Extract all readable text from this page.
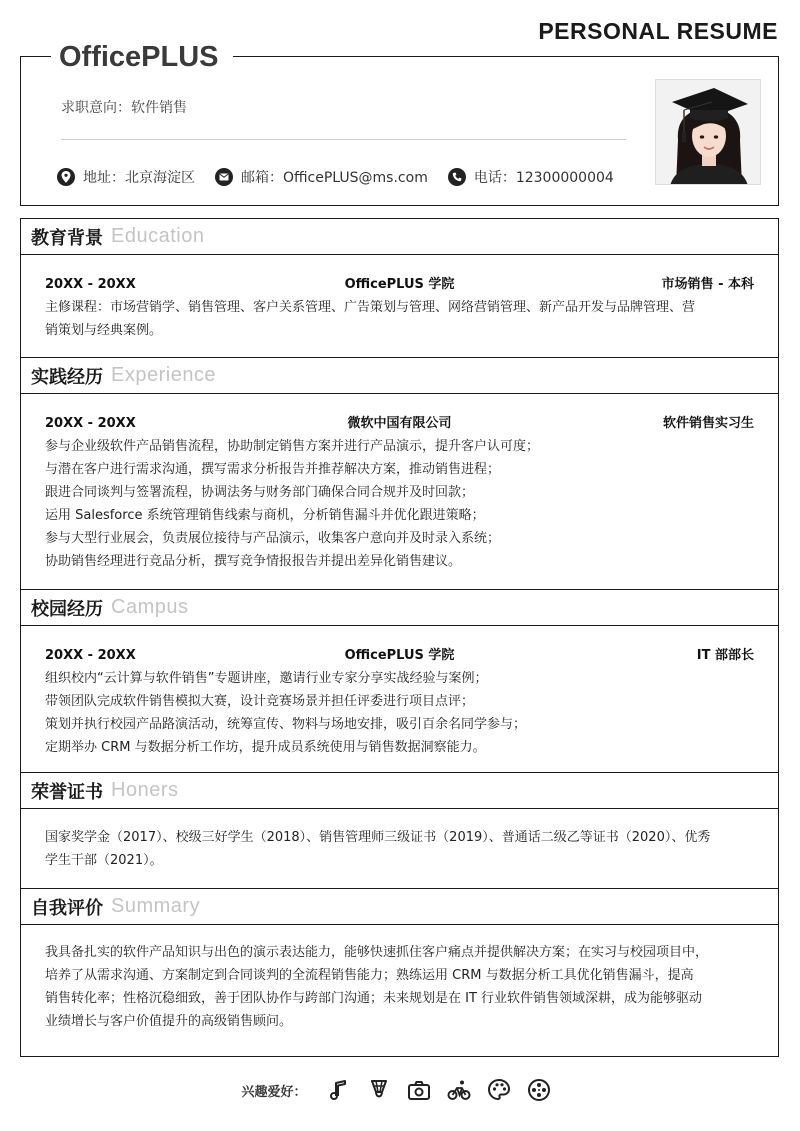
PERSONAL RESUME
OfficePLUS
求职意向：软件销售
地址：北京海淀区	邮箱：OfficePLUS@ms.com	电话：12300000004
教育背景 Education
20XX - 20XX	OfficePLUS 学院	市场销售 - 本科
主修课程：市场营销学、销售管理、客户关系管理、广告策划与管理、网络营销管理、新产品开发与品牌管理、营
销策划与经典案例。
实践经历 Experience
20XX - 20XX	微软中国有限公司	软件销售实习生
参与企业级软件产品销售流程，协助制定销售方案并进行产品演示，提升客户认可度；
与潜在客户进行需求沟通，撰写需求分析报告并推荐解决方案，推动销售进程；
跟进合同谈判与签署流程，协调法务与财务部门确保合同合规并及时回款；
运用 Salesforce 系统管理销售线索与商机，分析销售漏斗并优化跟进策略；
参与大型行业展会，负责展位接待与产品演示，收集客户意向并及时录入系统；
协助销售经理进行竞品分析，撰写竞争情报报告并提出差异化销售建议。
校园经历 Campus
20XX - 20XX	OfficePLUS 学院	IT 部部长
组织校内“云计算与软件销售”专题讲座，邀请行业专家分享实战经验与案例；
带领团队完成软件销售模拟大赛，设计竞赛场景并担任评委进行项目点评；
策划并执行校园产品路演活动，统筹宣传、物料与场地安排，吸引百余名同学参与；
定期举办 CRM 与数据分析工作坊，提升成员系统使用与销售数据洞察能力。
荣誉证书 Honers
国家奖学金（2017）、校级三好学生（2018）、销售管理师三级证书（2019）、普通话二级乙等证书（2020）、优秀
学生干部（2021）。
自我评价 Summary
我具备扎实的软件产品知识与出色的演示表达能力，能够快速抓住客户痛点并提供解决方案；在实习与校园项目中，
培养了从需求沟通、方案制定到合同谈判的全流程销售能力；熟练运用 CRM 与数据分析工具优化销售漏斗，提高
销售转化率；性格沉稳细致，善于团队协作与跨部门沟通；未来规划是在 IT 行业软件销售领域深耕，成为能够驱动
业绩增长与客户价值提升的高级销售顾问。
兴趣爱好：
